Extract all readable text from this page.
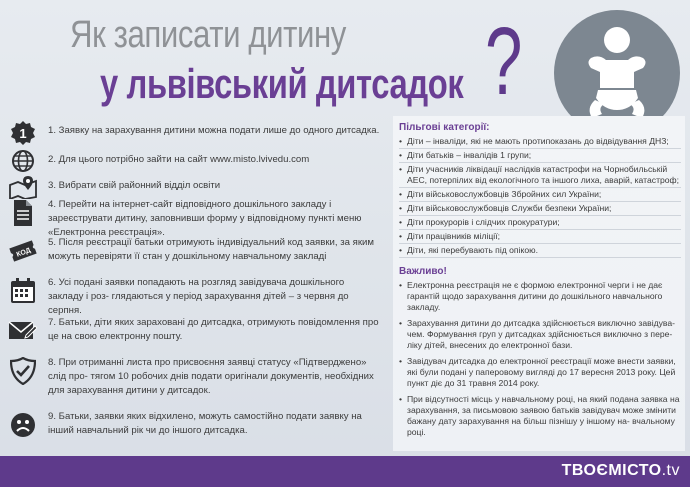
Як записати дитину
у львівський дитсадок ?
1 1. Заявку на зарахування дитини можна подати лише до одного дитсадка.
2. Для цього потрібно зайти на сайт www.misto.lvivedu.com
3. Вибрати свій районний відділ освіти
4. Перейти на інтернет-сайт відповідного дошкільного закладу і зареєструвати дитину, заповнивши форму у відповідному пункті меню «Електронна реєстрація».
КОД
5. Після реєстрації батьки отримують індивідуальний код заявки, за яким можуть перевіряти її стан у дошкільному навчальному закладі
6. Усі подані заявки попадають на розгляд завідувача дошкільного закладу і роз- глядаються у період зарахування дітей – з червня до серпня.
7. Батьки, діти яких зараховані до дитсадка, отримують повідомлення про це на свою електронну пошту.
8. При отриманні листа про присвоєння заявці статусу «Підтверджено» слід про- тягом 10 робочих днів подати оригінали документів, необхідних для зарахування дитини у дитсадок.
9. Батьки, заявки яких відхилено, можуть самостійно подати заявку на інший навчальний рік чи до іншого дитсадка.
Пільгові категорії:
• Діти – інваліди, які не мають протипоказань до відвідування ДНЗ;
• Діти батьків – інвалідів 1 групи;
• Діти учасників ліквідації наслідків катастрофи на Чорнобильській АЕС, потерпілих від екологічного та іншого лиха, аварій, катастроф;
• Діти військовослужбовців Збройних сил України;
• Діти військовослужбовців Служби безпеки України;
• Діти прокурорів і слідчих прокуратури;
• Діти працівників міліції;
• Діти, які перебувають під опікою.
Важливо!
• Електронна реєстрація не є формою електронної черги і не дає гарантій щодо зарахування дитини до дошкільного навчального закладу.
• Зарахування дитини до дитсадка здійснюється виключно завідува- чем. Формування груп у дитсадках здійснюється виключно з пере- ліку дітей, внесених до електронної бази.
• Завідувач дитсадка до електронної реєстрації може внести заявки, які були подані у паперовому вигляді до 17 вересня 2013 року. Цей пункт діє до 31 травня 2014 року.
• При відсутності місць у навчальному році, на який подана заявка на зарахування, за письмовою заявою батьків завідувач може змінити бажану дату зарахування на більш пізнішу у іншому на- вчальному році.
ТВОЄМІСТО.tv
